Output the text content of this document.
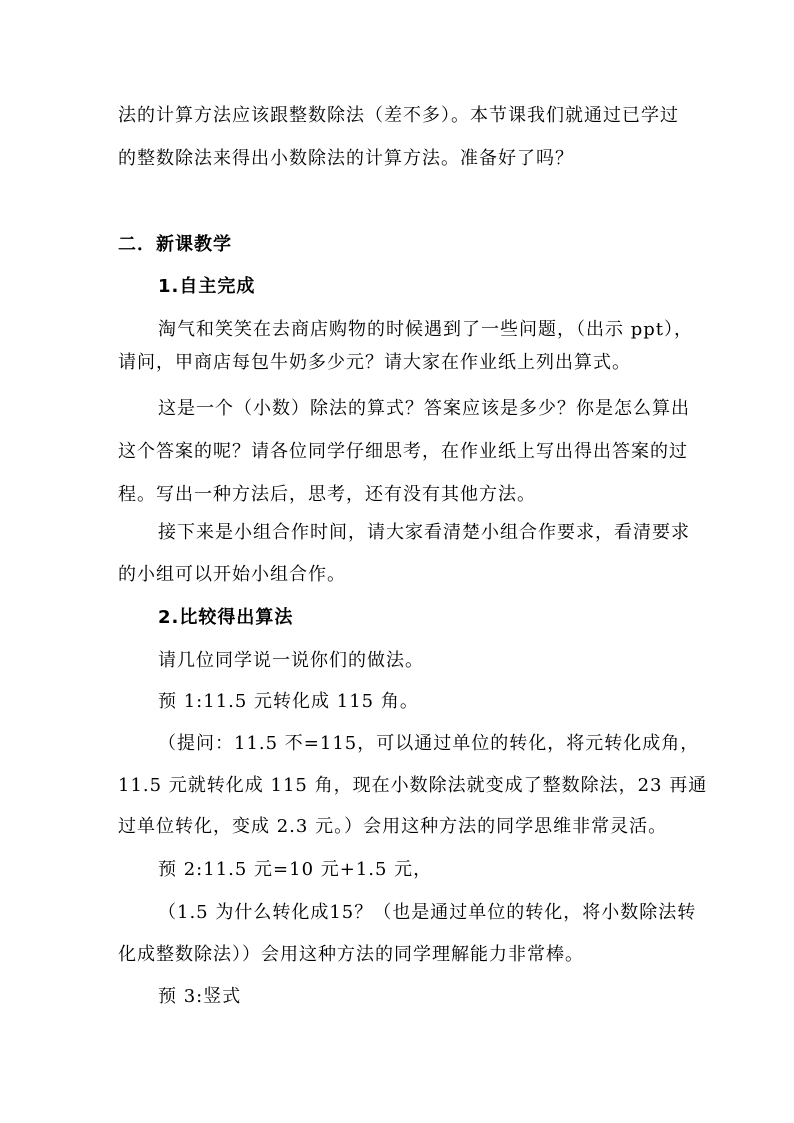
法的计算方法应该跟整数除法（差不多）。本节课我们就通过已学过
的整数除法来得出小数除法的计算方法。准备好了吗？
二．新课教学
1.自主完成
淘气和笑笑在去商店购物的时候遇到了一些问题，（出示 ppt），
请问，甲商店每包牛奶多少元？请大家在作业纸上列出算式。
这是一个（小数）除法的算式？答案应该是多少？你是怎么算出
这个答案的呢？请各位同学仔细思考，在作业纸上写出得出答案的过
程。写出一种方法后，思考，还有没有其他方法。
接下来是小组合作时间，请大家看清楚小组合作要求，看清要求
的小组可以开始小组合作。
2.比较得出算法
请几位同学说一说你们的做法。
预 1:11.5 元转化成 115 角。
（提问：11.5 不=115，可以通过单位的转化，将元转化成角，
11.5 元就转化成 115 角，现在小数除法就变成了整数除法，23 再通
过单位转化，变成 2.3 元。）会用这种方法的同学思维非常灵活。
预 2:11.5 元=10 元+1.5 元，
（1.5 为什么转化成15？（也是通过单位的转化，将小数除法转
化成整数除法））会用这种方法的同学理解能力非常棒。
预 3:竖式
